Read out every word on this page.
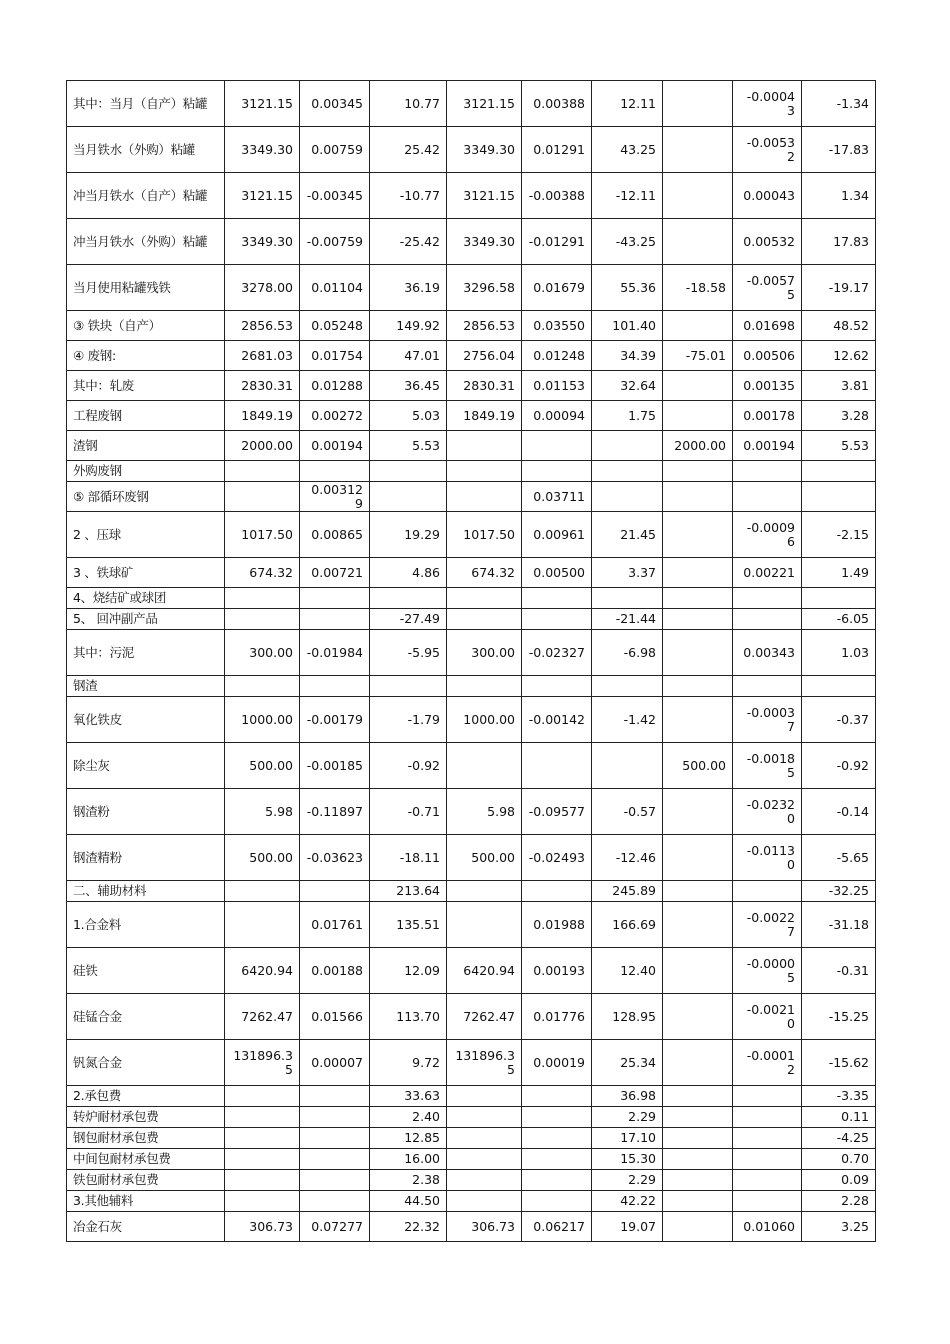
其中：当月（自产）粘罐	3121.15	0.00345	10.77	3121.15	0.00388	12.11		-0.00043	-1.34
当月铁水（外购）粘罐	3349.30	0.00759	25.42	3349.30	0.01291	43.25		-0.00532	-17.83
冲当月铁水（自产）粘罐	3121.15	-0.00345	-10.77	3121.15	-0.00388	-12.11		0.00043	1.34
冲当月铁水（外购）粘罐	3349.30	-0.00759	-25.42	3349.30	-0.01291	-43.25		0.00532	17.83
当月使用粘罐残铁	3278.00	0.01104	36.19	3296.58	0.01679	55.36	-18.58	-0.00575	-19.17
③ 铁块（自产）	2856.53	0.05248	149.92	2856.53	0.03550	101.40		0.01698	48.52
④ 废钢:	2681.03	0.01754	47.01	2756.04	0.01248	34.39	-75.01	0.00506	12.62
其中：轧废	2830.31	0.01288	36.45	2830.31	0.01153	32.64		0.00135	3.81
工程废钢	1849.19	0.00272	5.03	1849.19	0.00094	1.75		0.00178	3.28
渣钢	2000.00	0.00194	5.53				2000.00	0.00194	5.53
外购废钢									
⑤ 部循环废钢		0.003129			0.03711				
2 、压球	1017.50	0.00865	19.29	1017.50	0.00961	21.45		-0.00096	-2.15
3 、铁球矿	674.32	0.00721	4.86	674.32	0.00500	3.37		0.00221	1.49
4、烧结矿或球团									
5、 回冲副产品			-27.49			-21.44			-6.05
其中：污泥	300.00	-0.01984	-5.95	300.00	-0.02327	-6.98		0.00343	1.03
钢渣									
氧化铁皮	1000.00	-0.00179	-1.79	1000.00	-0.00142	-1.42		-0.00037	-0.37
除尘灰	500.00	-0.00185	-0.92				500.00	-0.00185	-0.92
钢渣粉	5.98	-0.11897	-0.71	5.98	-0.09577	-0.57		-0.02320	-0.14
钢渣精粉	500.00	-0.03623	-18.11	500.00	-0.02493	-12.46		-0.01130	-5.65
二、辅助材料			213.64			245.89			-32.25
1.合金料		0.01761	135.51		0.01988	166.69		-0.00227	-31.18
硅铁	6420.94	0.00188	12.09	6420.94	0.00193	12.40		-0.00005	-0.31
硅锰合金	7262.47	0.01566	113.70	7262.47	0.01776	128.95		-0.00210	-15.25
钒氮合金	131896.35	0.00007	9.72	131896.35	0.00019	25.34		-0.00012	-15.62
2.承包费			33.63			36.98			-3.35
转炉耐材承包费			2.40			2.29			0.11
钢包耐材承包费			12.85			17.10			-4.25
中间包耐材承包费			16.00			15.30			0.70
铁包耐材承包费			2.38			2.29			0.09
3.其他辅料			44.50			42.22			2.28
冶金石灰	306.73	0.07277	22.32	306.73	0.06217	19.07		0.01060	3.25
